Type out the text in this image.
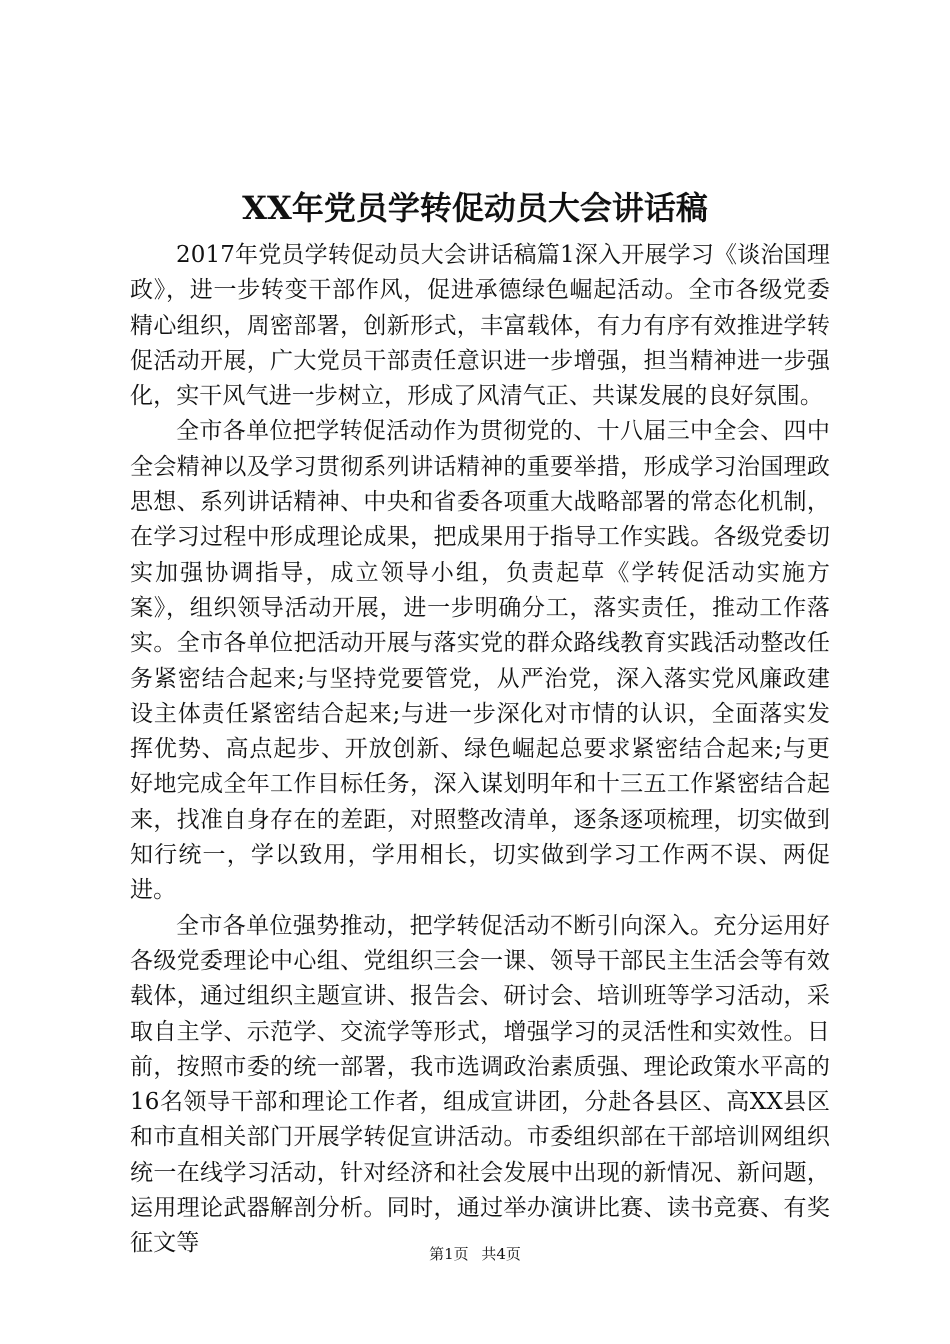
XX年党员学转促动员大会讲话稿

2017年党员学转促动员大会讲话稿篇1深入开展学习《谈治国理政》，进一步转变干部作风，促进承德绿色崛起活动。全市各级党委精心组织，周密部署，创新形式，丰富载体，有力有序有效推进学转促活动开展，广大党员干部责任意识进一步增强，担当精神进一步强化，实干风气进一步树立，形成了风清气正、共谋发展的良好氛围。

全市各单位把学转促活动作为贯彻党的、十八届三中全会、四中全会精神以及学习贯彻系列讲话精神的重要举措，形成学习治国理政思想、系列讲话精神、中央和省委各项重大战略部署的常态化机制，在学习过程中形成理论成果，把成果用于指导工作实践。各级党委切实加强协调指导，成立领导小组，负责起草《学转促活动实施方案》，组织领导活动开展，进一步明确分工，落实责任，推动工作落实。全市各单位把活动开展与落实党的群众路线教育实践活动整改任务紧密结合起来;与坚持党要管党，从严治党，深入落实党风廉政建设主体责任紧密结合起来;与进一步深化对市情的认识，全面落实发挥优势、高点起步、开放创新、绿色崛起总要求紧密结合起来;与更好地完成全年工作目标任务，深入谋划明年和十三五工作紧密结合起来，找准自身存在的差距，对照整改清单，逐条逐项梳理，切实做到知行统一，学以致用，学用相长，切实做到学习工作两不误、两促进。

全市各单位强势推动，把学转促活动不断引向深入。充分运用好各级党委理论中心组、党组织三会一课、领导干部民主生活会等有效载体，通过组织主题宣讲、报告会、研讨会、培训班等学习活动，采取自主学、示范学、交流学等形式，增强学习的灵活性和实效性。日前，按照市委的统一部署，我市选调政治素质强、理论政策水平高的16名领导干部和理论工作者，组成宣讲团，分赴各县区、高XX县区和市直相关部门开展学转促宣讲活动。市委组织部在干部培训网组织统一在线学习活动，针对经济和社会发展中出现的新情况、新问题，运用理论武器解剖分析。同时，通过举办演讲比赛、读书竞赛、有奖征文等	第1页 共4页
